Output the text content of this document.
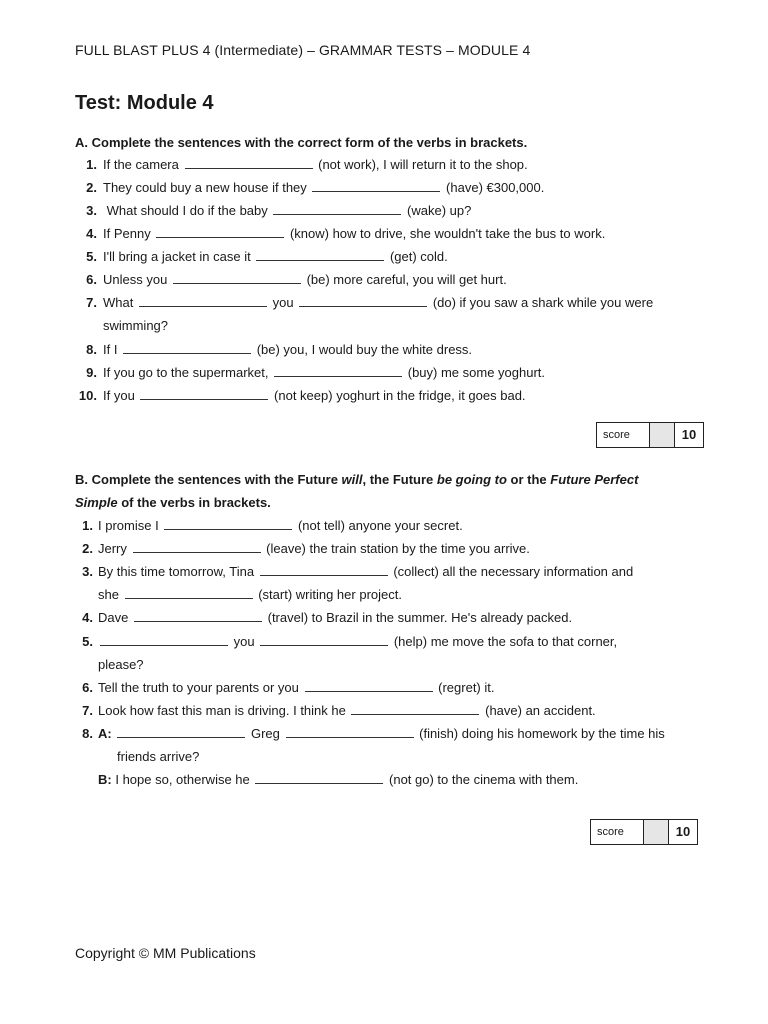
FULL BLAST PLUS 4 (Intermediate) – GRAMMAR TESTS – MODULE 4
Test: Module 4
A. Complete the sentences with the correct form of the verbs in brackets.
1. If the camera	(not work), I will return it to the shop.
2. They could buy a new house if they	(have) €300,000.
3. What should I do if the baby	(wake) up?
4. If Penny	(know) how to drive, she wouldn't take the bus to work.
5. I'll bring a jacket in case it	(get) cold.
6. Unless you	(be) more careful, you will get hurt.
7. What	you	(do) if you saw a shark while you were
swimming?
8. If I	(be) you, I would buy the white dress.
9. If you go to the supermarket,	(buy) me some yoghurt.
10. If you	(not keep) yoghurt in the fridge, it goes bad.
score	10
B. Complete the sentences with the Future will, the Future be going to or the Future Perfect
Simple of the verbs in brackets.
1. I promise I	(not tell) anyone your secret.
2. Jerry	(leave) the train station by the time you arrive.
3. By this time tomorrow, Tina	(collect) all the necessary information and
she	(start) writing her project.
4. Dave	(travel) to Brazil in the summer. He's already packed.
5.	you	(help) me move the sofa to that corner,
please?
6. Tell the truth to your parents or you	(regret) it.
7. Look how fast this man is driving. I think he	(have) an accident.
8. A:	Greg	(finish) doing his homework by the time his
friends arrive?
B: I hope so, otherwise he	(not go) to the cinema with them.
score	10
Copyright © MM Publications
